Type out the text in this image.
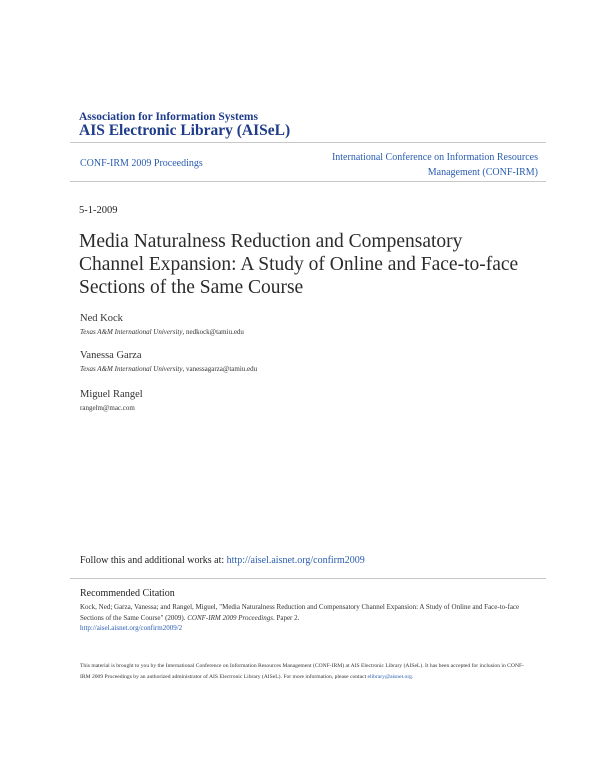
Association for Information Systems
AIS Electronic Library (AISeL)
CONF-IRM 2009 Proceedings
International Conference on Information Resources
Management (CONF-IRM)
5-1-2009
Media Naturalness Reduction and Compensatory Channel Expansion: A Study of Online and Face-to-face Sections of the Same Course
Ned Kock
Texas A&M International University, nedkock@tamiu.edu
Vanessa Garza
Texas A&M International University, vanessagarza@tamiu.edu
Miguel Rangel
rangelm@mac.com
Follow this and additional works at: http://aisel.aisnet.org/confirm2009
Recommended Citation
Kock, Ned; Garza, Vanessa; and Rangel, Miguel, "Media Naturalness Reduction and Compensatory Channel Expansion: A Study of Online and Face-to-face Sections of the Same Course" (2009). CONF-IRM 2009 Proceedings. Paper 2.
http://aisel.aisnet.org/confirm2009/2
This material is brought to you by the International Conference on Information Resources Management (CONF-IRM) at AIS Electronic Library (AISeL). It has been accepted for inclusion in CONF-IRM 2009 Proceedings by an authorized administrator of AIS Electronic Library (AISeL). For more information, please contact elibrary@aisnet.org.
